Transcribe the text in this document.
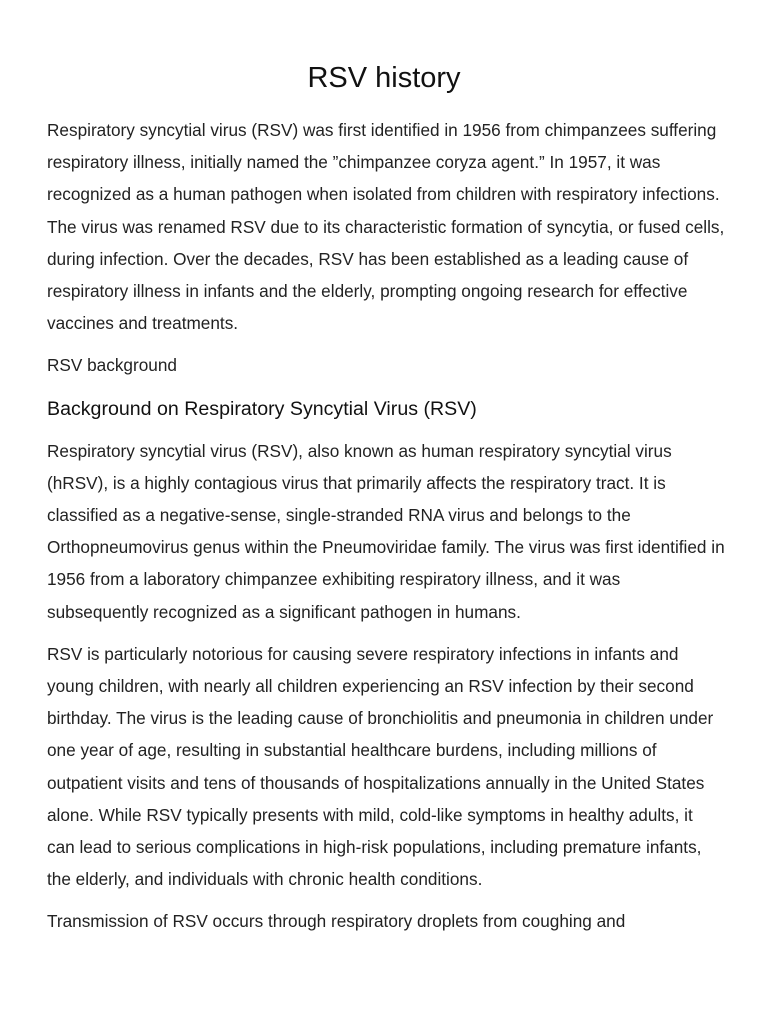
RSV history

Respiratory syncytial virus (RSV) was first identified in 1956 from chimpanzees suffering respiratory illness, initially named the ”chimpanzee coryza agent.” In 1957, it was recognized as a human pathogen when isolated from children with respiratory infections. The virus was renamed RSV due to its characteristic formation of syncytia, or fused cells, during infection. Over the decades, RSV has been established as a leading cause of respiratory illness in infants and the elderly, prompting ongoing research for effective vaccines and treatments.

RSV background

Background on Respiratory Syncytial Virus (RSV)

Respiratory syncytial virus (RSV), also known as human respiratory syncytial virus (hRSV), is a highly contagious virus that primarily affects the respiratory tract. It is classified as a negative-sense, single-stranded RNA virus and belongs to the Orthopneumovirus genus within the Pneumoviridae family. The virus was first identified in 1956 from a laboratory chimpanzee exhibiting respiratory illness, and it was subsequently recognized as a significant pathogen in humans.

RSV is particularly notorious for causing severe respiratory infections in infants and young children, with nearly all children experiencing an RSV infection by their second birthday. The virus is the leading cause of bronchiolitis and pneumonia in children under one year of age, resulting in substantial healthcare burdens, including millions of outpatient visits and tens of thousands of hospitalizations annually in the United States alone. While RSV typically presents with mild, cold-like symptoms in healthy adults, it can lead to serious complications in high-risk populations, including premature infants, the elderly, and individuals with chronic health conditions.

Transmission of RSV occurs through respiratory droplets from coughing and
